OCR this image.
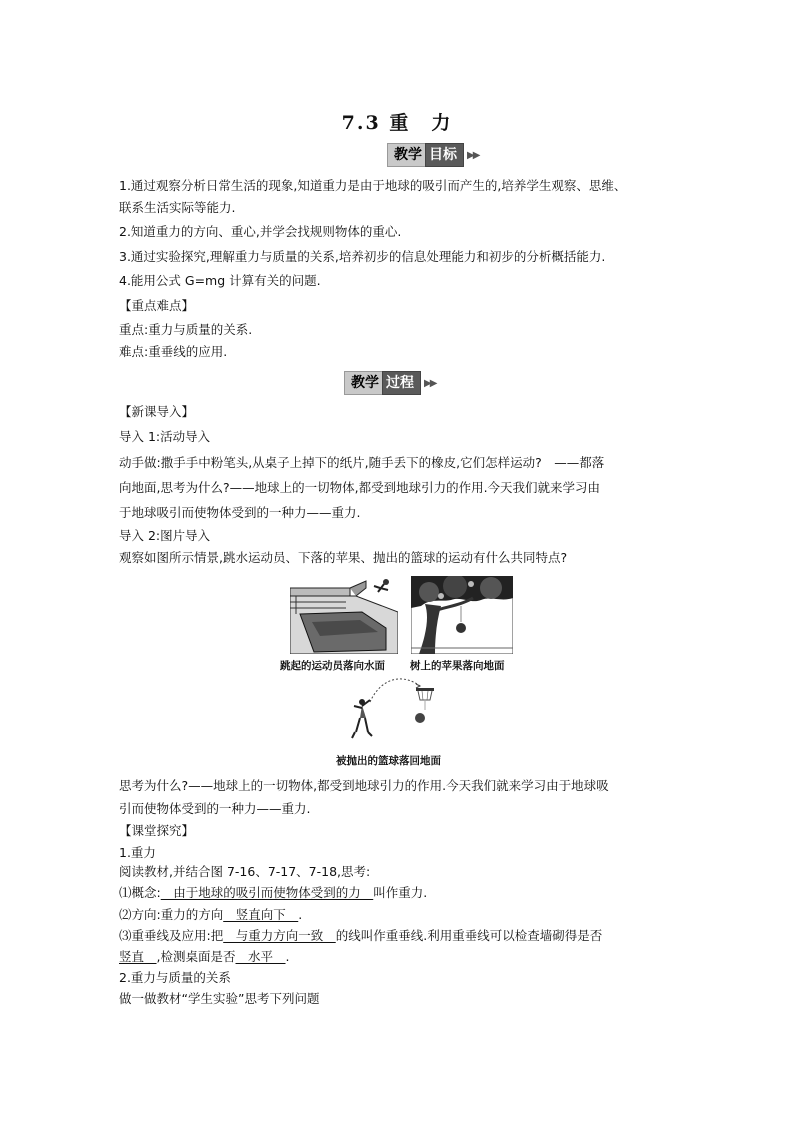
7.3 重　力
教学 目标	▶▶
1.通过观察分析日常生活的现象,知道重力是由于地球的吸引而产生的,培养学生观察、思维、
联系生活实际等能力.
2.知道重力的方向、重心,并学会找规则物体的重心.
3.通过实验探究,理解重力与质量的关系,培养初步的信息处理能力和初步的分析概括能力.
4.能用公式 G=mg 计算有关的问题.
【重点难点】
重点:重力与质量的关系.
难点:重垂线的应用.
教学 过程	▶▶
【新课导入】
导入 1:活动导入
动手做:撒手手中粉笔头,从桌子上掉下的纸片,随手丢下的橡皮,它们怎样运动?　——都落
向地面,思考为什么?——地球上的一切物体,都受到地球引力的作用.今天我们就来学习由
于地球吸引而使物体受到的一种力——重力.
导入 2:图片导入
观察如图所示情景,跳水运动员、下落的苹果、抛出的篮球的运动有什么共同特点?
跳起的运动员落向水面 树上的苹果落向地面
被抛出的篮球落回地面
思考为什么?——地球上的一切物体,都受到地球引力的作用.今天我们就来学习由于地球吸
引而使物体受到的一种力——重力.
【课堂探究】
1.重力
阅读教材,并结合图 7-16、7-17、7-18,思考:
⑴概念:　由于地球的吸引而使物体受到的力　叫作重力.
⑵方向:重力的方向　竖直向下　.
⑶重垂线及应用:把　与重力方向一致　的线叫作重垂线.利用重垂线可以检查墙砌得是否
竖直　,检测桌面是否　水平　.
2.重力与质量的关系
做一做教材“学生实验”思考下列问题
